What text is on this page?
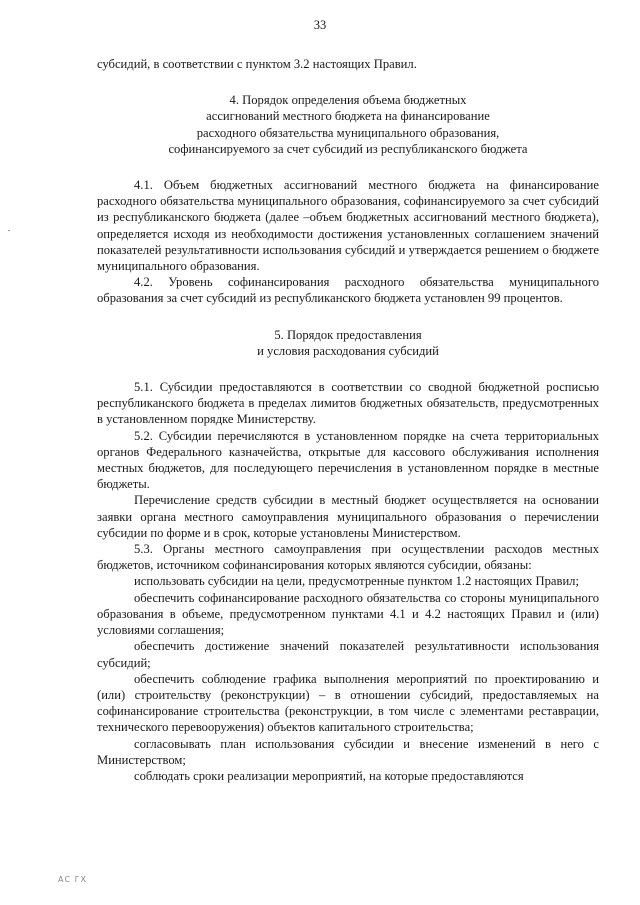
33

субсидий, в соответствии с пунктом 3.2 настоящих Правил.

4. Порядок определения объема бюджетных

ассигнований местного бюджета на финансирование

расходного обязательства муниципального образования,

софинансируемого за счет субсидий из республиканского бюджета

4.1. Объем бюджетных ассигнований местного бюджета на финансирование расходного обязательства муниципального образования, софинансируемого за счет субсидий из республиканского бюджета (далее –объем бюджетных ассигнований местного бюджета), определяется исходя из необходимости достижения установленных соглашением значений показателей результативности использования субсидий и утверждается решением о бюджете муниципального образования.

4.2. Уровень софинансирования расходного обязательства муниципального образования за счет субсидий из республиканского бюджета установлен 99 процентов.

5. Порядок предоставления

и условия расходования субсидий

5.1. Субсидии предоставляются в соответствии со сводной бюджетной росписью республиканского бюджета в пределах лимитов бюджетных обязательств, предусмотренных в установленном порядке Министерству.

5.2. Субсидии перечисляются в установленном порядке на счета территориальных органов Федерального казначейства, открытые для кассового обслуживания исполнения местных бюджетов, для последующего перечисления в установленном порядке в местные бюджеты.

Перечисление средств субсидии в местный бюджет осуществляется на основании заявки органа местного самоуправления муниципального образования о перечислении субсидии по форме и в срок, которые установлены Министерством.

5.3. Органы местного самоуправления при осуществлении расходов местных бюджетов, источником софинансирования которых являются субсидии, обязаны:

использовать субсидии на цели, предусмотренные пунктом 1.2 настоящих Правил;

обеспечить софинансирование расходного обязательства со стороны муниципального образования в объеме, предусмотренном пунктами 4.1 и 4.2 настоящих Правил и (или) условиями соглашения;

обеспечить достижение значений показателей результативности использования субсидий;

обеспечить соблюдение графика выполнения мероприятий по проектированию и (или) строительству (реконструкции) – в отношении субсидий, предоставляемых на софинансирование строительства (реконструкции, в том числе с элементами реставрации, технического перевооружения) объектов капитального строительства;

согласовывать план использования субсидии и внесение изменений в него с Министерством;

соблюдать сроки реализации мероприятий, на которые предоставляются

АС ГХ
